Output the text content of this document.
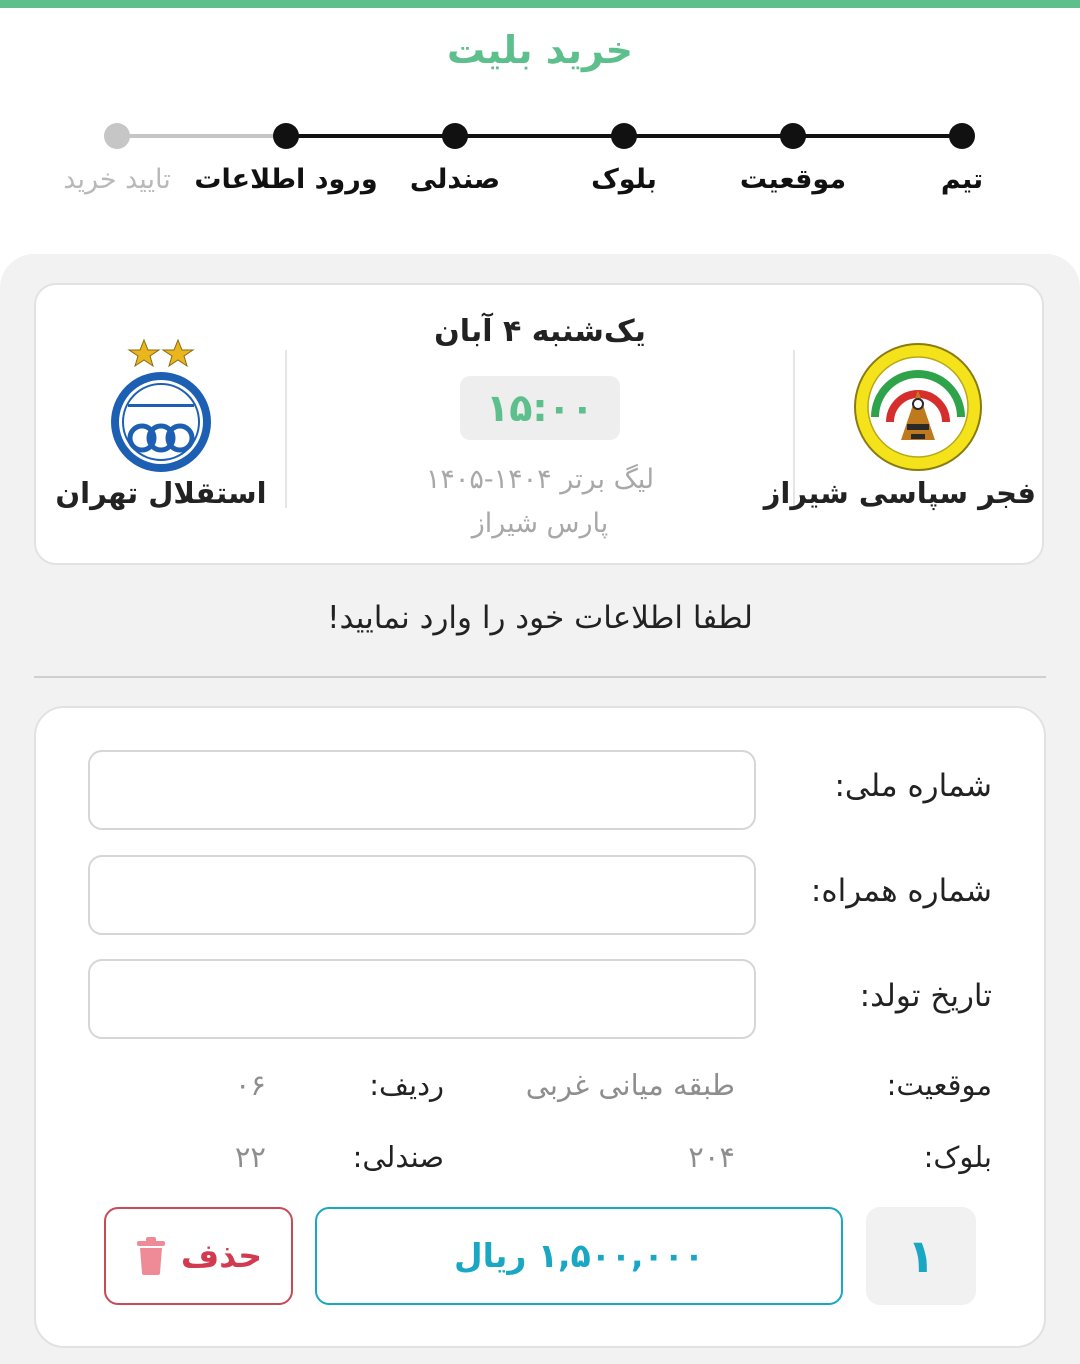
خرید بلیت
تیم
موقعیت
بلوک
صندلی
ورود اطلاعات
تایید خرید
فجر سپاسی شیراز
استقلال تهران
یک‌شنبه ۴ آبان
۱۵:۰۰
لیگ برتر ۱۴۰۴-۱۴۰۵
پارس شیراز
لطفا اطلاعات خود را وارد نمایید!
شماره ملی:
شماره همراه:
تاریخ تولد:
موقعیت:
طبقه میانی غربی
ردیف:
۰۶
بلوک:
۲۰۴
صندلی:
۲۲
۱
۱,۵۰۰,۰۰۰ ریال
حذف
